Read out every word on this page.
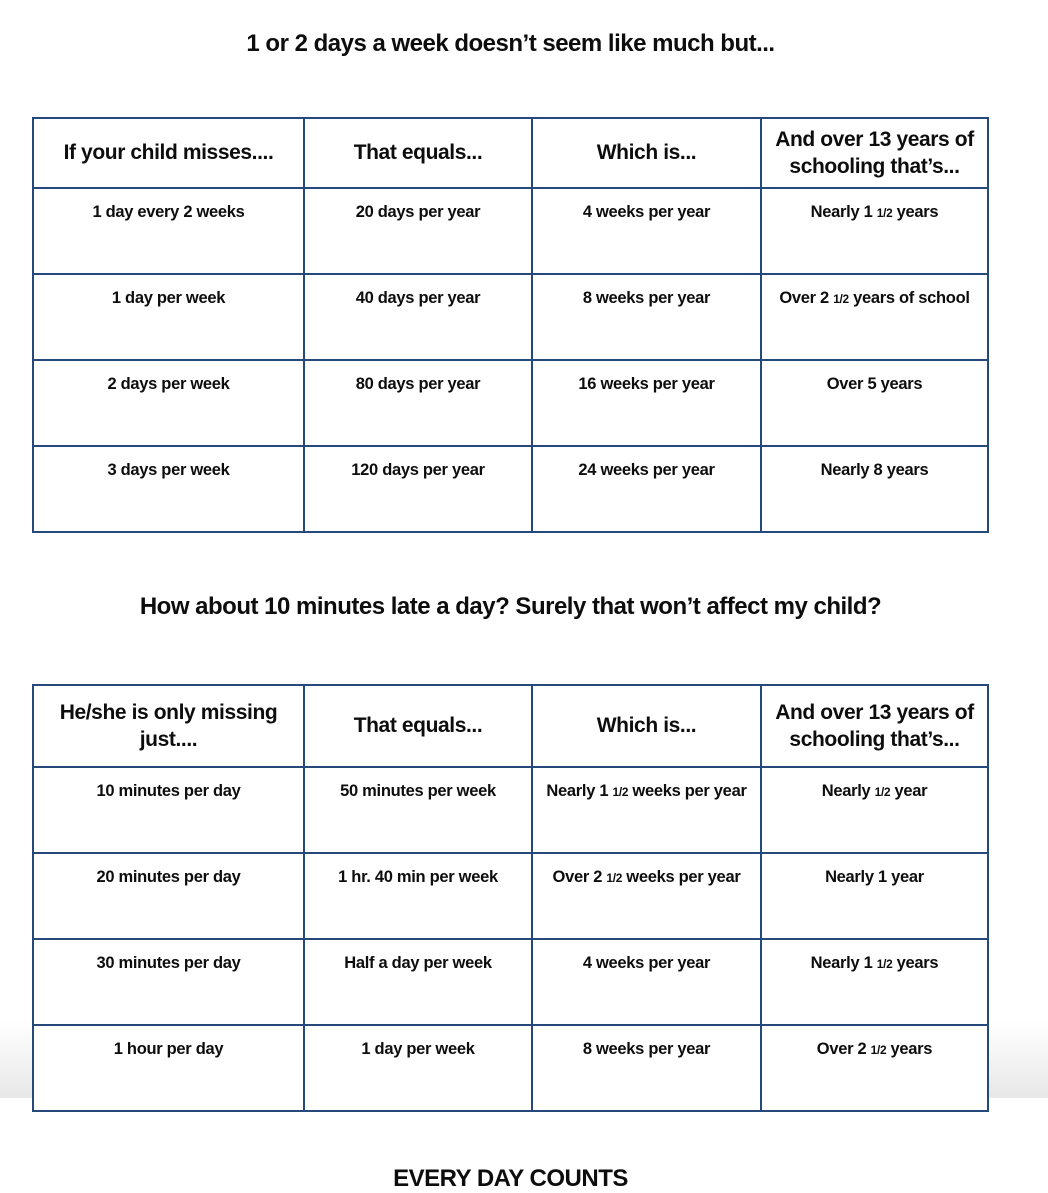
1 or 2 days a week doesn’t seem like much but...
If your child misses....	That equals...	Which is...	And over 13 years of schooling that’s...
1 day every 2 weeks	20 days per year	4 weeks per year	Nearly 1 1/2 years
1 day per week	40 days per year	8 weeks per year	Over 2 1/2 years of school
2 days per week	80 days per year	16 weeks per year	Over 5 years
3 days per week	120 days per year	24 weeks per year	Nearly 8 years
How about 10 minutes late a day? Surely that won’t affect my child?
He/she is only missing just....	That equals...	Which is...	And over 13 years of schooling that’s...
10 minutes per day	50 minutes per week	Nearly 1 1/2 weeks per year	Nearly 1/2 year
20 minutes per day	1 hr. 40 min per week	Over 2 1/2 weeks per year	Nearly 1 year
30 minutes per day	Half a day per week	4 weeks per year	Nearly 1 1/2 years
1 hour per day	1 day per week	8 weeks per year	Over 2 1/2 years
EVERY DAY COUNTS
